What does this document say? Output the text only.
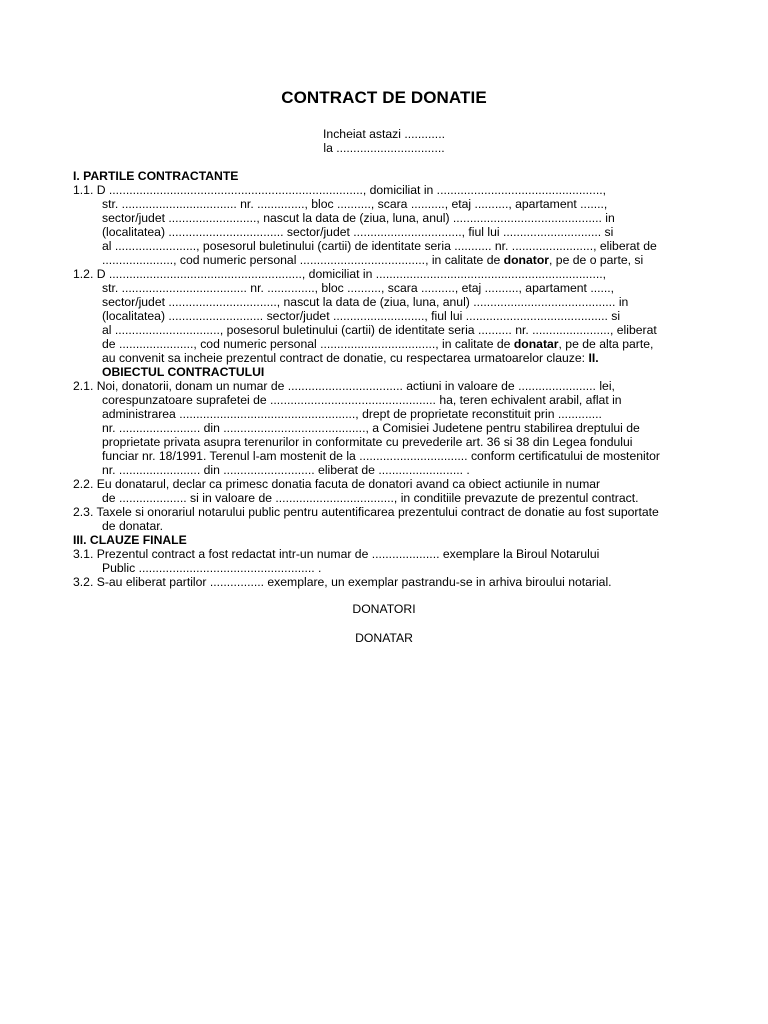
CONTRACT DE DONATIE
Incheiat astazi ............
la ................................
I. PARTILE CONTRACTANTE
1.1. D ..........................................................................., domiciliat in .................................................,
str. .................................. nr. .............., bloc .........., scara .........., etaj .........., apartament .......,
sector/judet .........................., nascut la data de (ziua, luna, anul) ............................................ in
(localitatea) .................................. sector/judet ................................, fiul lui ............................. si
al ........................, posesorul buletinului (cartii) de identitate seria ........... nr. ........................, eliberat de
....................., cod numeric personal ....................................., in calitate de donator, pe de o parte, si
1.2. D ........................................................., domiciliat in ...................................................................,
str. ..................................... nr. .............., bloc .........., scara .........., etaj .........., apartament ......,
sector/judet ................................, nascut la data de (ziua, luna, anul) .......................................... in
(localitatea) ............................ sector/judet ..........................., fiul lui .......................................... si
al ..............................., posesorul buletinului (cartii) de identitate seria .......... nr. ......................., eliberat
de ......................, cod numeric personal .................................., in calitate de donatar, pe de alta parte,
au convenit sa incheie prezentul contract de donatie, cu respectarea urmatoarelor clauze: II.
OBIECTUL CONTRACTULUI
2.1. Noi, donatorii, donam un numar de .................................. actiuni in valoare de ....................... lei,
corespunzatoare suprafetei de ................................................. ha, teren echivalent arabil, aflat in
administrarea ...................................................., drept de proprietate reconstituit prin .............
nr. ........................ din .........................................., a Comisiei Judetene pentru stabilirea dreptului de
proprietate privata asupra terenurilor in conformitate cu prevederile art. 36 si 38 din Legea fondului
funciar nr. 18/1991. Terenul l-am mostenit de la ................................ conform certificatului de mostenitor
nr. ........................ din ........................... eliberat de ......................... .
2.2. Eu donatarul, declar ca primesc donatia facuta de donatori avand ca obiect actiunile in numar
de .................... si in valoare de ..................................., in conditiile prevazute de prezentul contract.
2.3. Taxele si onorariul notarului public pentru autentificarea prezentului contract de donatie au fost suportate
de donatar.
III. CLAUZE FINALE
3.1. Prezentul contract a fost redactat intr-un numar de .................... exemplare la Biroul Notarului
Public .................................................... .
3.2. S-au eliberat partilor ................ exemplare, un exemplar pastrandu-se in arhiva biroului notarial.
DONATORI
DONATAR
